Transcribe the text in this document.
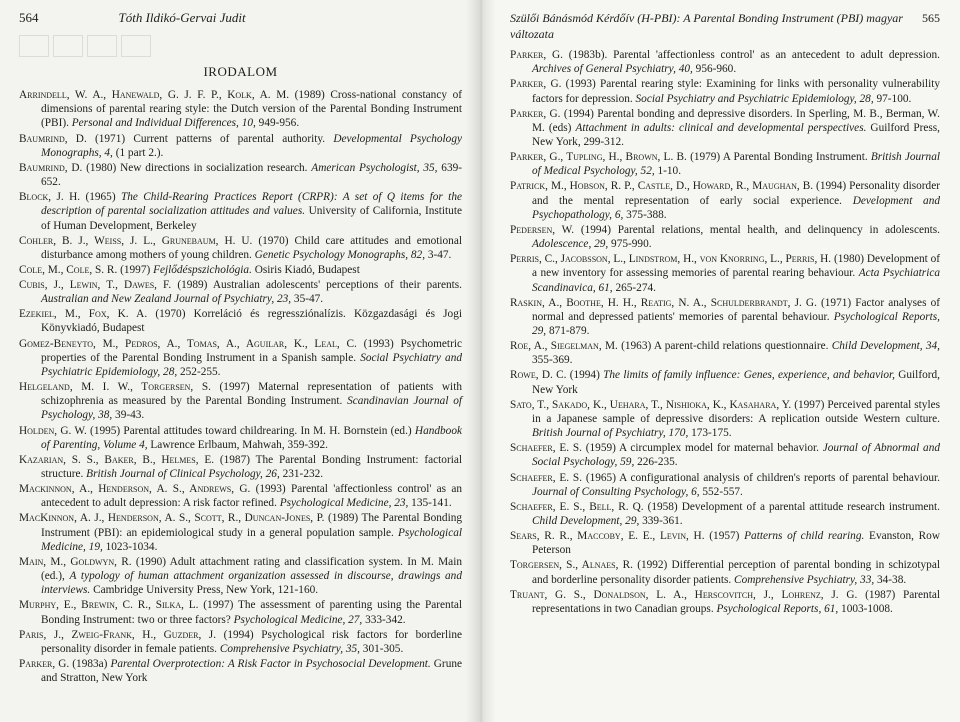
564	Tóth Ildikó-Gervai Judit
IRODALOM
Arrindell, W. A., Hanewald, G. J. F. P., Kolk, A. M. (1989) Cross-national constancy of dimensions of parental rearing style: the Dutch version of the Parental Bonding Instrument (PBI). Personal and Individual Differences, 10, 949-956.
Baumrind, D. (1971) Current patterns of parental authority. Developmental Psychology Monographs, 4, (1 part 2.).
Baumrind, D. (1980) New directions in socialization research. American Psychologist, 35, 639-652.
Block, J. H. (1965) The Child-Rearing Practices Report (CRPR): A set of Q items for the description of parental socialization attitudes and values. University of California, Institute of Human Development, Berkeley
Cohler, B. J., Weiss, J. L., Grunebaum, H. U. (1970) Child care attitudes and emotional disturbance among mothers of young children. Genetic Psychology Monographs, 82, 3-47.
Cole, M., Cole, S. R. (1997) Fejlődéspszichológia. Osiris Kiadó, Budapest
Cubis, J., Lewin, T., Dawes, F. (1989) Australian adolescents' perceptions of their parents. Australian and New Zealand Journal of Psychiatry, 23, 35-47.
Ezekiel, M., Fox, K. A. (1970) Korreláció és regressziónalízis. Közgazdasági és Jogi Könyvkiadó, Budapest
Gomez-Beneyto, M., Pedros, A., Tomas, A., Aguilar, K., Leal, C. (1993) Psychometric properties of the Parental Bonding Instrument in a Spanish sample. Social Psychiatry and Psychiatric Epidemiology, 28, 252-255.
Helgeland, M. I. W., Torgersen, S. (1997) Maternal representation of patients with schizophrenia as measured by the Parental Bonding Instrument. Scandinavian Journal of Psychology, 38, 39-43.
Holden, G. W. (1995) Parental attitudes toward childrearing. In M. H. Bornstein (ed.) Handbook of Parenting, Volume 4, Lawrence Erlbaum, Mahwah, 359-392.
Kazarian, S. S., Baker, B., Helmes, E. (1987) The Parental Bonding Instrument: factorial structure. British Journal of Clinical Psychology, 26, 231-232.
Mackinnon, A., Henderson, A. S., Andrews, G. (1993) Parental 'affectionless control' as an antecedent to adult depression: A risk factor refined. Psychological Medicine, 23, 135-141.
MacKinnon, A. J., Henderson, A. S., Scott, R., Duncan-Jones, P. (1989) The Parental Bonding Instrument (PBI): an epidemiological study in a general population sample. Psychological Medicine, 19, 1023-1034.
Main, M., Goldwyn, R. (1990) Adult attachment rating and classification system. In M. Main (ed.), A typology of human attachment organization assessed in discourse, drawings and interviews. Cambridge University Press, New York, 121-160.
Murphy, E., Brewin, C. R., Silka, L. (1997) The assessment of parenting using the Parental Bonding Instrument: two or three factors? Psychological Medicine, 27, 333-342.
Paris, J., Zweig-Frank, H., Guzder, J. (1994) Psychological risk factors for borderline personality disorder in female patients. Comprehensive Psychiatry, 35, 301-305.
Parker, G. (1983a) Parental Overprotection: A Risk Factor in Psychosocial Development. Grune and Stratton, New York
Szülői Bánásmód Kérdőív (H-PBI): A Parental Bonding Instrument (PBI) magyar változata
565
Parker, G. (1983b). Parental 'affectionless control' as an antecedent to adult depression. Archives of General Psychiatry, 40, 956-960.
Parker, G. (1993) Parental rearing style: Examining for links with personality vulnerability factors for depression. Social Psychiatry and Psychiatric Epidemiology, 28, 97-100.
Parker, G. (1994) Parental bonding and depressive disorders. In Sperling, M. B., Berman, W. M. (eds) Attachment in adults: clinical and developmental perspectives. Guilford Press, New York, 299-312.
Parker, G., Tupling, H., Brown, L. B. (1979) A Parental Bonding Instrument. British Journal of Medical Psychology, 52, 1-10.
Patrick, M., Hobson, R. P., Castle, D., Howard, R., Maughan, B. (1994) Personality disorder and the mental representation of early social experience. Development and Psychopathology, 6, 375-388.
Pedersen, W. (1994) Parental relations, mental health, and delinquency in adolescents. Adolescence, 29, 975-990.
Perris, C., Jacobsson, L., Lindstrom, H., von Knorring, L., Perris, H. (1980) Development of a new inventory for assessing memories of parental rearing behaviour. Acta Psychiatrica Scandinavica, 61, 265-274.
Raskin, A., Boothe, H. H., Reatig, N. A., Schulderbrandt, J. G. (1971) Factor analyses of normal and depressed patients' memories of parental behaviour. Psychological Reports, 29, 871-879.
Roe, A., Siegelman, M. (1963) A parent-child relations questionnaire. Child Development, 34, 355-369.
Rowe, D. C. (1994) The limits of family influence: Genes, experience, and behavior, Guilford, New York
Sato, T., Sakado, K., Uehara, T., Nishioka, K., Kasahara, Y. (1997) Perceived parental styles in a Japanese sample of depressive disorders: A replication outside Western culture. British Journal of Psychiatry, 170, 173-175.
Schaefer, E. S. (1959) A circumplex model for maternal behavior. Journal of Abnormal and Social Psychology, 59, 226-235.
Schaefer, E. S. (1965) A configurational analysis of children's reports of parental behaviour. Journal of Consulting Psychology, 6, 552-557.
Schaefer, E. S., Bell, R. Q. (1958) Development of a parental attitude research instrument. Child Development, 29, 339-361.
Sears, R. R., Maccoby, E. E., Levin, H. (1957) Patterns of child rearing. Evanston, Row Peterson
Torgersen, S., Alnaes, R. (1992) Differential perception of parental bonding in schizotypal and borderline personality disorder patients. Comprehensive Psychiatry, 33, 34-38.
Truant, G. S., Donaldson, L. A., Herscovitch, J., Lohrenz, J. G. (1987) Parental representations in two Canadian groups. Psychological Reports, 61, 1003-1008.
